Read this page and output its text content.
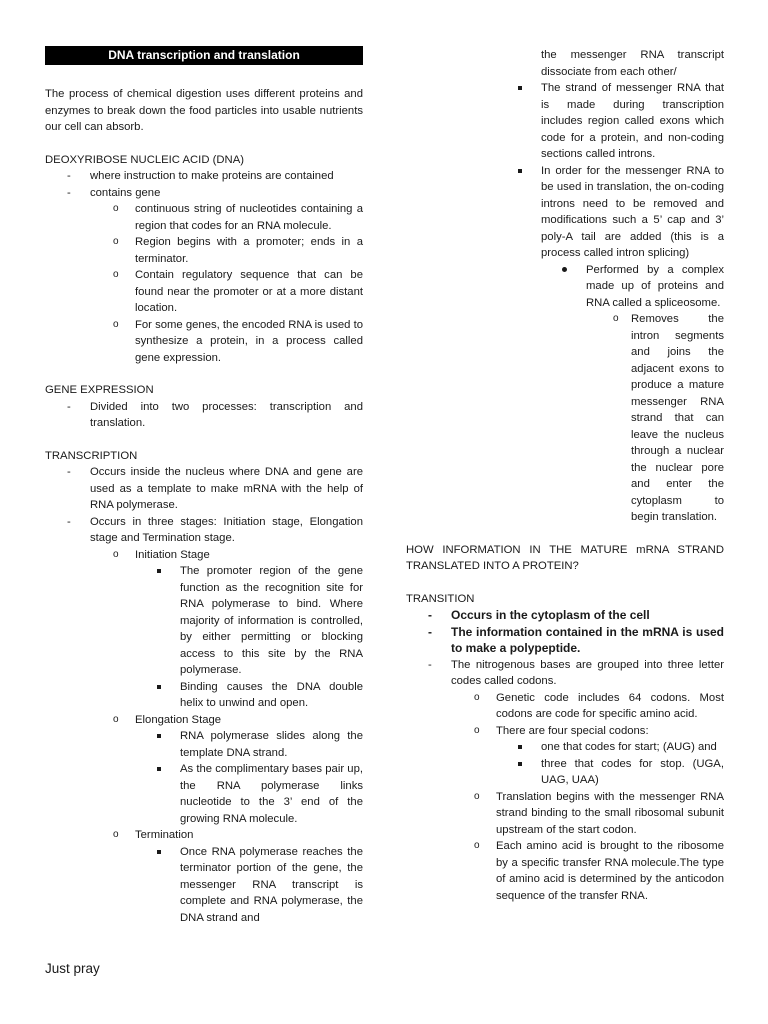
DNA transcription and translation

The process of chemical digestion uses different proteins and enzymes to break down the food particles into usable nutrients our cell can absorb.

DEOXYRIBOSE NUCLEIC ACID (DNA)

- where instruction to make proteins are contained
- contains gene
o continuous string of nucleotides containing a region that codes for an RNA molecule.
o Region begins with a promoter; ends in a terminator.
o Contain regulatory sequence that can be found near the promoter or at a more distant location.
o For some genes, the encoded RNA is used to synthesize a protein, in a process called gene expression.

GENE EXPRESSION

- Divided into two processes: transcription and translation.

TRANSCRIPTION

- Occurs inside the nucleus where DNA and gene are used as a template to make mRNA with the help of RNA polymerase.
- Occurs in three stages: Initiation stage, Elongation stage and Termination stage.
o Initiation Stage
The promoter region of the gene function as the recognition site for RNA polymerase to bind. Where majority of information is controlled, by either permitting or blocking access to this site by the RNA polymerase.
Binding causes the DNA double helix to unwind and open.
o Elongation Stage
RNA polymerase slides along the template DNA strand.
As the complimentary bases pair up, the RNA polymerase links nucleotide to the 3’ end of the growing RNA molecule.
o Termination
Once RNA polymerase reaches the terminator portion of the gene, the messenger RNA transcript is complete and RNA polymerase, the DNA strand and

the messenger RNA transcript dissociate from each other/

The strand of messenger RNA that is made during transcription includes region called exons which code for a protein, and non-coding sections called introns.
In order for the messenger RNA to be used in translation, the on-coding introns need to be removed and modifications such a 5’ cap and 3’ poly-A tail are added (this is a process called intron splicing)
Performed by a complex made up of proteins and RNA called a spliceosome.
o Removes the intron segments and joins the adjacent exons to produce a mature messenger RNA strand that can leave the nucleus through a nuclear the nuclear pore and enter the cytoplasm to begin translation.

HOW INFORMATION IN THE MATURE mRNA STRAND TRANSLATED INTO A PROTEIN?

TRANSITION

- Occurs in the cytoplasm of the cell
- The information contained in the mRNA is used to make a polypeptide.
- The nitrogenous bases are grouped into three letter codes called codons.
o Genetic code includes 64 codons. Most codons are code for specific amino acid.
o There are four special codons:
one that codes for start; (AUG) and
three that codes for stop. (UGA, UAG, UAA)
o Translation begins with the messenger RNA strand binding to the small ribosomal subunit upstream of the start codon.
o Each amino acid is brought to the ribosome by a specific transfer RNA molecule.The type of amino acid is determined by the anticodon sequence of the transfer RNA.
Just pray
